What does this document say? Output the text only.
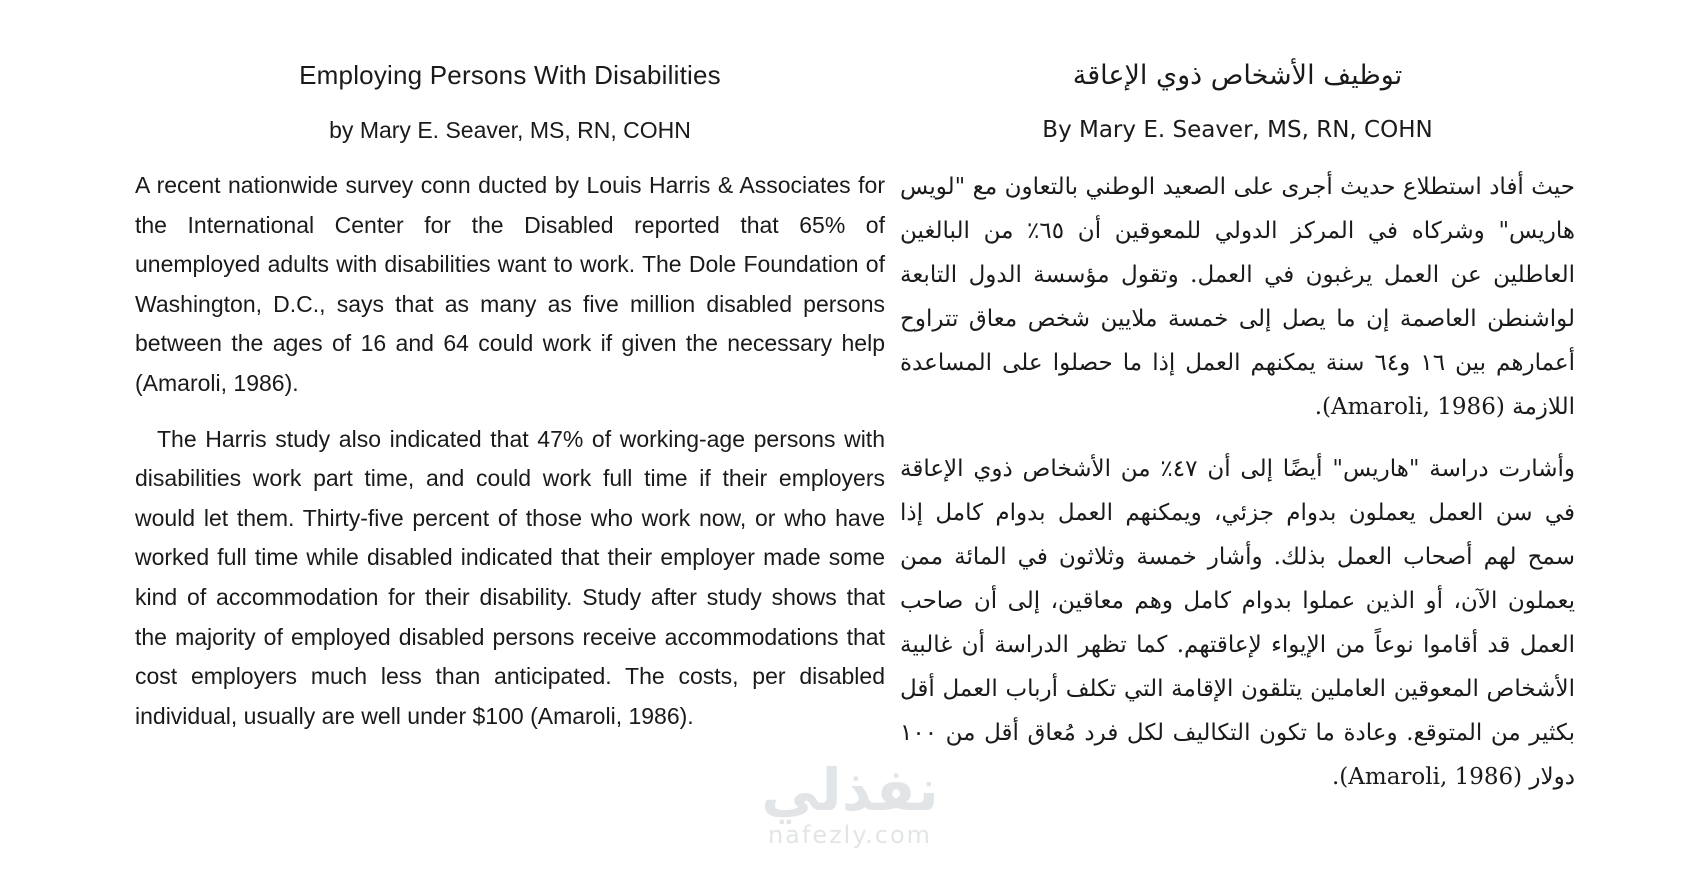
Employing Persons With Disabilities
by Mary E. Seaver, MS, RN, COHN

A recent nationwide survey conn ducted by Louis Harris & Associates for the International Center for the Disabled reported that 65% of unemployed adults with disabilities want to work. The Dole Foundation of Washington, D.C., says that as many as five million disabled persons between the ages of 16 and 64 could work if given the necessary help (Amaroli, 1986).

The Harris study also indicated that 47% of working-age persons with disabilities work part time, and could work full time if their employers would let them. Thirty-five percent of those who work now, or who have worked full time while disabled indicated that their employer made some kind of accommodation for their disability. Study after study shows that the majority of employed disabled persons receive accommodations that cost employers much less than anticipated. The costs, per disabled individual, usually are well under $100 (Amaroli, 1986).

توظيف الأشخاص ذوي الإعاقة
By Mary E. Seaver, MS, RN, COHN

حيث أفاد استطلاع حديث أجرى على الصعيد الوطني بالتعاون مع "لويس هاريس" وشركاه في المركز الدولي للمعوقين أن ٦٥٪ من البالغين العاطلين عن العمل يرغبون في العمل. وتقول مؤسسة الدول التابعة لواشنطن العاصمة إن ما يصل إلى خمسة ملايين شخص معاق تتراوح أعمارهم بين ١٦ و٦٤ سنة يمكنهم العمل إذا ما حصلوا على المساعدة اللازمة (Amaroli, 1986).

وأشارت دراسة "هاريس" أيضًا إلى أن ٤٧٪ من الأشخاص ذوي الإعاقة في سن العمل يعملون بدوام جزئي، ويمكنهم العمل بدوام كامل إذا سمح لهم أصحاب العمل بذلك. وأشار خمسة وثلاثون في المائة ممن يعملون الآن، أو الذين عملوا بدوام كامل وهم معاقين، إلى أن صاحب العمل قد أقاموا نوعاً من الإيواء لإعاقتهم. كما تظهر الدراسة أن غالبية الأشخاص المعوقين العاملين يتلقون الإقامة التي تكلف أرباب العمل أقل بكثير من المتوقع. وعادة ما تكون التكاليف لكل فرد مُعاق أقل من ١٠٠ دولار (Amaroli, 1986).

نفذلي
nafezly.com
